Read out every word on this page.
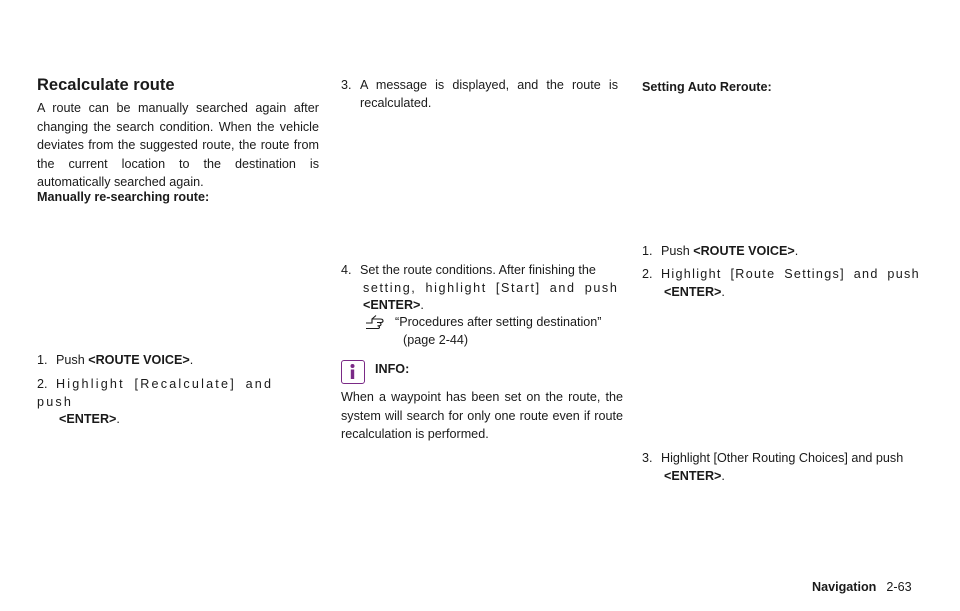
Recalculate route

A route can be manually searched again after changing the search condition. When the vehicle deviates from the suggested route, the route from the current location to the destination is automatically searched again.

Manually re-searching route:

1. Push <ROUTE VOICE>.
2. Highlight [Recalculate] and push
<ENTER>.
3. A message is displayed, and the route is recalculated.
4. Set the route conditions. After finishing the
setting, highlight [Start] and push
<ENTER>.
“Procedures after setting destination”
(page 2-44)
INFO:

When a waypoint has been set on the route, the system will search for only one route even if route recalculation is performed.

Setting Auto Reroute:

1. Push <ROUTE VOICE>.
2. Highlight [Route Settings] and push
<ENTER>.
3. Highlight [Other Routing Choices] and push
<ENTER>.
Navigation 2-63
